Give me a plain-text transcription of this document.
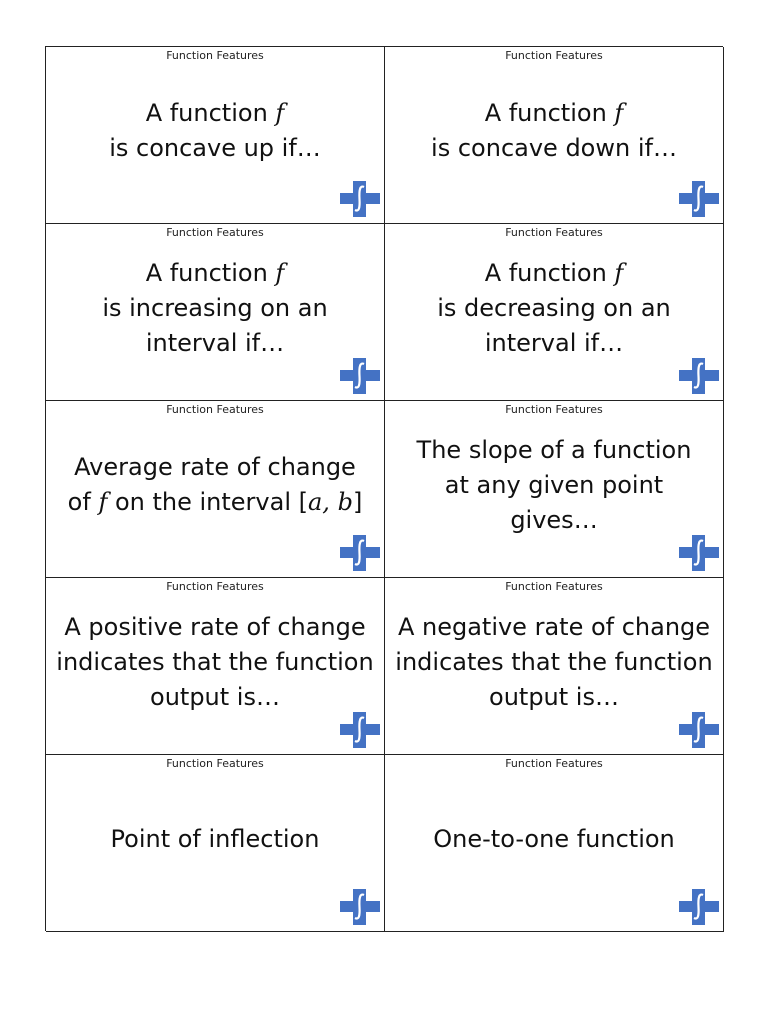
Function Features
A function f
is concave up if…
Function Features
A function f
is concave down if…
Function Features
A function f
is increasing on an
interval if…
Function Features
A function f
is decreasing on an
interval if…
Function Features
Average rate of change
of f on the interval [a, b]
Function Features
The slope of a function
at any given point
gives…
Function Features
A positive rate of change
indicates that the function
output is…
Function Features
A negative rate of change
indicates that the function
output is…
Function Features
Point of inflection
Function Features
One-to-one function
